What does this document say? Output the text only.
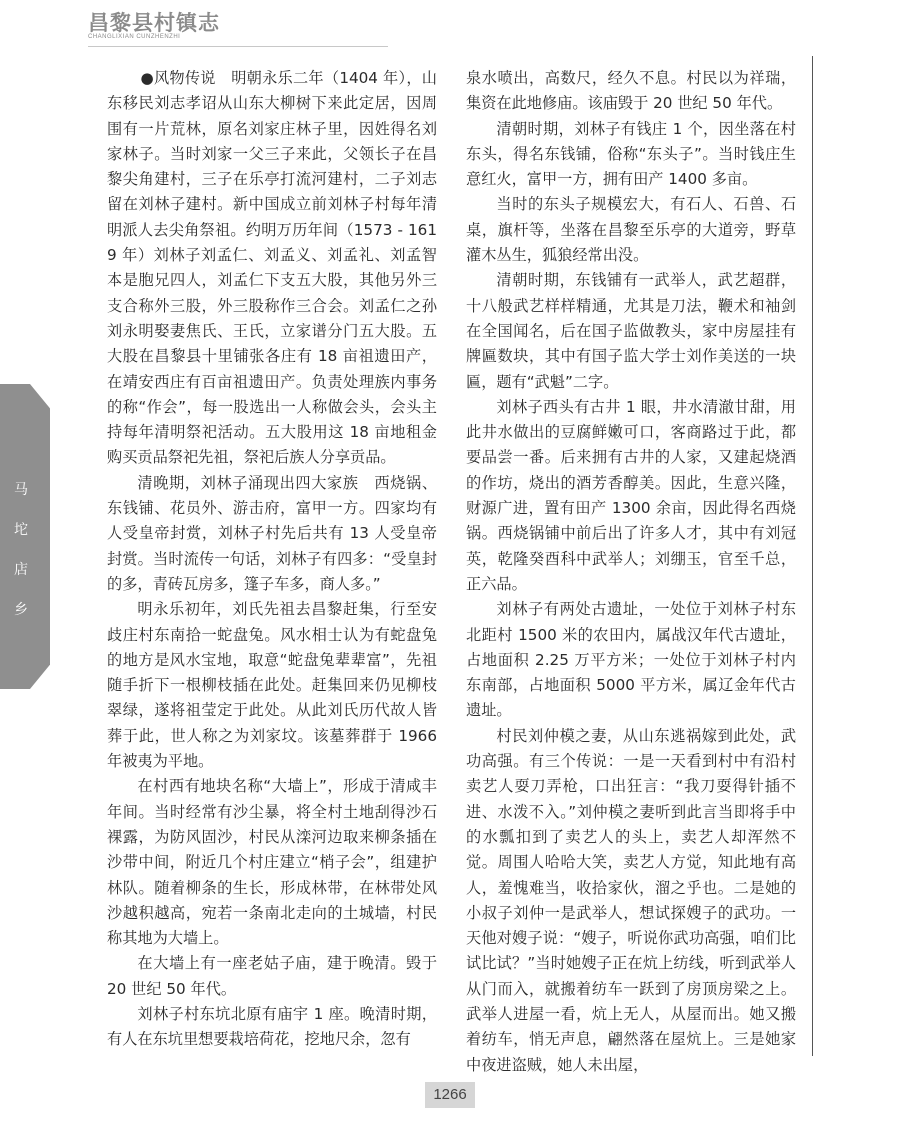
昌黎县村镇志
CHANGLIXIAN CUNZHENZHI
马
坨
店
乡

●风物传说　明朝永乐二年（1404 年），山东移民刘志孝诏从山东大柳树下来此定居，因周围有一片荒林，原名刘家庄林子里，因姓得名刘家林子。当时刘家一父三子来此，父领长子在昌黎尖角建村，三子在乐亭打流河建村，二子刘志留在刘林子建村。新中国成立前刘林子村每年清明派人去尖角祭祖。约明万历年间（1573 - 1619 年）刘林子刘孟仁、刘孟义、刘孟礼、刘孟智本是胞兄四人，刘孟仁下支五大股，其他另外三支合称外三股，外三股称作三合会。刘孟仁之孙刘永明娶妻焦氏、王氏，立家谱分门五大股。五大股在昌黎县十里铺张各庄有 18 亩祖遗田产，在靖安西庄有百亩祖遗田产。负责处理族内事务的称“作会”，每一股选出一人称做会头，会头主持每年清明祭祀活动。五大股用这 18 亩地租金购买贡品祭祀先祖，祭祀后族人分享贡品。

清晚期，刘林子涌现出四大家族　西烧锅、东钱铺、花员外、游击府，富甲一方。四家均有人受皇帝封赏，刘林子村先后共有 13 人受皇帝封赏。当时流传一句话，刘林子有四多：“受皇封的多，青砖瓦房多，篷子车多，商人多。”

明永乐初年，刘氏先祖去昌黎赶集，行至安歧庄村东南拾一蛇盘兔。风水相士认为有蛇盘兔的地方是风水宝地，取意“蛇盘兔辈辈富”，先祖随手折下一根柳枝插在此处。赶集回来仍见柳枝翠绿，遂将祖莹定于此处。从此刘氏历代故人皆葬于此，世人称之为刘家坟。该墓葬群于 1966 年被夷为平地。

在村西有地块名称“大墙上”，形成于清咸丰年间。当时经常有沙尘暴，将全村土地刮得沙石裸露，为防风固沙，村民从滦河边取来柳条插在沙带中间，附近几个村庄建立“梢子会”，组建护林队。随着柳条的生长，形成林带，在林带处风沙越积越高，宛若一条南北走向的土城墙，村民称其地为大墙上。

在大墙上有一座老姑子庙，建于晚清。毁于 20 世纪 50 年代。

刘林子村东坑北原有庙宇 1 座。晚清时期，有人在东坑里想要栽培荷花，挖地尺余，忽有

泉水喷出，高数尺，经久不息。村民以为祥瑞，集资在此地修庙。该庙毁于 20 世纪 50 年代。

清朝时期，刘林子有钱庄 1 个，因坐落在村东头，得名东钱铺，俗称“东头子”。当时钱庄生意红火，富甲一方，拥有田产 1400 多亩。

当时的东头子规模宏大，有石人、石兽、石桌，旗杆等，坐落在昌黎至乐亭的大道旁，野草灌木丛生，狐狼经常出没。

清朝时期，东钱铺有一武举人，武艺超群，十八般武艺样样精通，尤其是刀法，鞭术和袖剑在全国闻名，后在国子监做教头，家中房屋挂有牌匾数块，其中有国子监大学士刘作美送的一块匾，题有“武魁”二字。

刘林子西头有古井 1 眼，井水清澈甘甜，用此井水做出的豆腐鲜嫩可口，客商路过于此，都要品尝一番。后来拥有古井的人家，又建起烧酒的作坊，烧出的酒芳香醇美。因此，生意兴隆，财源广进，置有田产 1300 余亩，因此得名西烧锅。西烧锅铺中前后出了许多人才，其中有刘冠英，乾隆癸酉科中武举人；刘绷玉，官至千总，正六品。

刘林子有两处古遗址，一处位于刘林子村东北距村 1500 米的农田内，属战汉年代古遗址，占地面积 2.25 万平方米；一处位于刘林子村内东南部，占地面积 5000 平方米，属辽金年代古遗址。

村民刘仲模之妻，从山东逃祸嫁到此处，武功高强。有三个传说：一是一天看到村中有沿村卖艺人耍刀弄枪，口出狂言：“我刀耍得针插不进、水泼不入。”刘仲模之妻听到此言当即将手中的水瓢扣到了卖艺人的头上，卖艺人却浑然不觉。周围人哈哈大笑，卖艺人方觉，知此地有高人，羞愧难当，收拾家伙，溜之乎也。二是她的小叔子刘仲一是武举人，想试探嫂子的武功。一天他对嫂子说：“嫂子，听说你武功高强，咱们比试比试？”当时她嫂子正在炕上纺线，听到武举人从门而入，就搬着纺车一跃到了房顶房梁之上。武举人进屋一看，炕上无人，从屋而出。她又搬着纺车，悄无声息，翩然落在屋炕上。三是她家中夜进盗贼，她人未出屋，

1266
